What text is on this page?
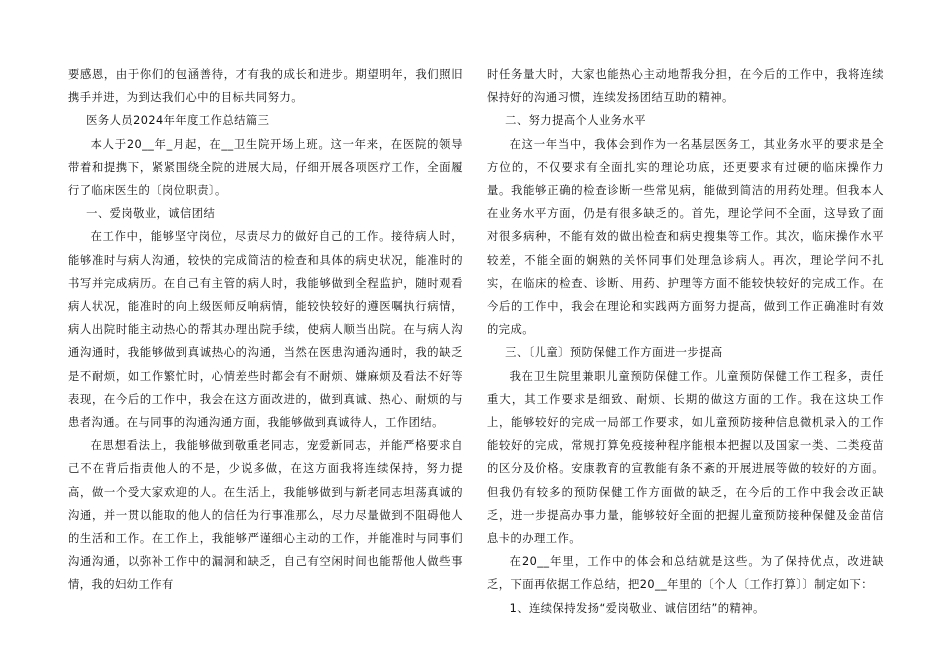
要感恩，由于你们的包涵善待，才有我的成长和进步。期望明年，我们照旧携手并进，为到达我们心中的目标共同努力。

医务人员2024年年度工作总结篇三

本人于20__年_月起，在__卫生院开场上班。这一年来，在医院的领导带着和提携下，紧紧围绕全院的进展大局，仔细开展各项医疗工作，全面履行了临床医生的〔岗位职责〕。

一、爱岗敬业，诚信团结

在工作中，能够坚守岗位，尽责尽力的做好自己的工作。接待病人时，能够准时与病人沟通，较快的完成简洁的检查和具体的病史状况，能准时的书写并完成病历。在自己有主管的病人时，我能够做到全程监护，随时观看病人状况，能准时的向上级医师反响病情，能较快较好的遵医嘱执行病情，病人出院时能主动热心的帮其办理出院手续，使病人顺当出院。在与病人沟通沟通时，我能够做到真诚热心的沟通，当然在医患沟通沟通时，我的缺乏是不耐烦，如工作繁忙时，心情差些时都会有不耐烦、嫌麻烦及看法不好等表现，在今后的工作中，我会在这方面改进的，做到真诚、热心、耐烦的与患者沟通。在与同事的沟通沟通方面，我能够做到真诚待人，工作团结。

在思想看法上，我能够做到敬重老同志，宠爱新同志，并能严格要求自己不在背后指责他人的不是，少说多做，在这方面我将连续保持，努力提高，做一个受大家欢迎的人。在生活上，我能够做到与新老同志坦荡真诚的沟通，并一贯以能取的他人的信任为行事准那么，尽力尽量做到不阻碍他人的生活和工作。在工作上，我能够严谨细心主动的工作，并能准时与同事们沟通沟通，以弥补工作中的漏洞和缺乏，自己有空闲时间也能帮他人做些事情，我的妇幼工作有

时任务量大时，大家也能热心主动地帮我分担，在今后的工作中，我将连续保持好的沟通习惯，连续发扬团结互助的精神。

二、努力提高个人业务水平

在这一年当中，我体会到作为一名基层医务工，其业务水平的要求是全方位的，不仅要求有全面扎实的理论功底，还更要求有过硬的临床操作力量。我能够正确的检查诊断一些常见病，能做到简洁的用药处理。但我本人在业务水平方面，仍是有很多缺乏的。首先，理论学问不全面，这导致了面对很多病种，不能有效的做出检查和病史搜集等工作。其次，临床操作水平较差，不能全面的娴熟的关怀同事们处理急诊病人。再次，理论学问不扎实，在临床的检查、诊断、用药、护理等方面不能较快较好的完成工作。在今后的工作中，我会在理论和实践两方面努力提高，做到工作正确准时有效的完成。

三、〔儿童〕预防保健工作方面进一步提高

我在卫生院里兼职儿童预防保健工作。儿童预防保健工作工程多，责任重大，其工作要求是细致、耐烦、长期的做这方面的工作。我在这块工作上，能够较好的完成一局部工作要求，如儿童预防接种信息微机录入的工作能较好的完成，常规打算免疫接种程序能根本把握以及国家一类、二类疫苗的区分及价格。安康教育的宣教能有条不紊的开展进展等做的较好的方面。但我仍有较多的预防保健工作方面做的缺乏，在今后的工作中我会改正缺乏，进一步提高办事力量，能够较好全面的把握儿童预防接种保健及金苗信息卡的办理工作。

在20__年里，工作中的体会和总结就是这些。为了保持优点，改进缺乏，下面再依据工作总结，把20__年里的〔个人〔工作打算〕〕制定如下：

1、连续保持发扬“爱岗敬业、诚信团结”的精神。
